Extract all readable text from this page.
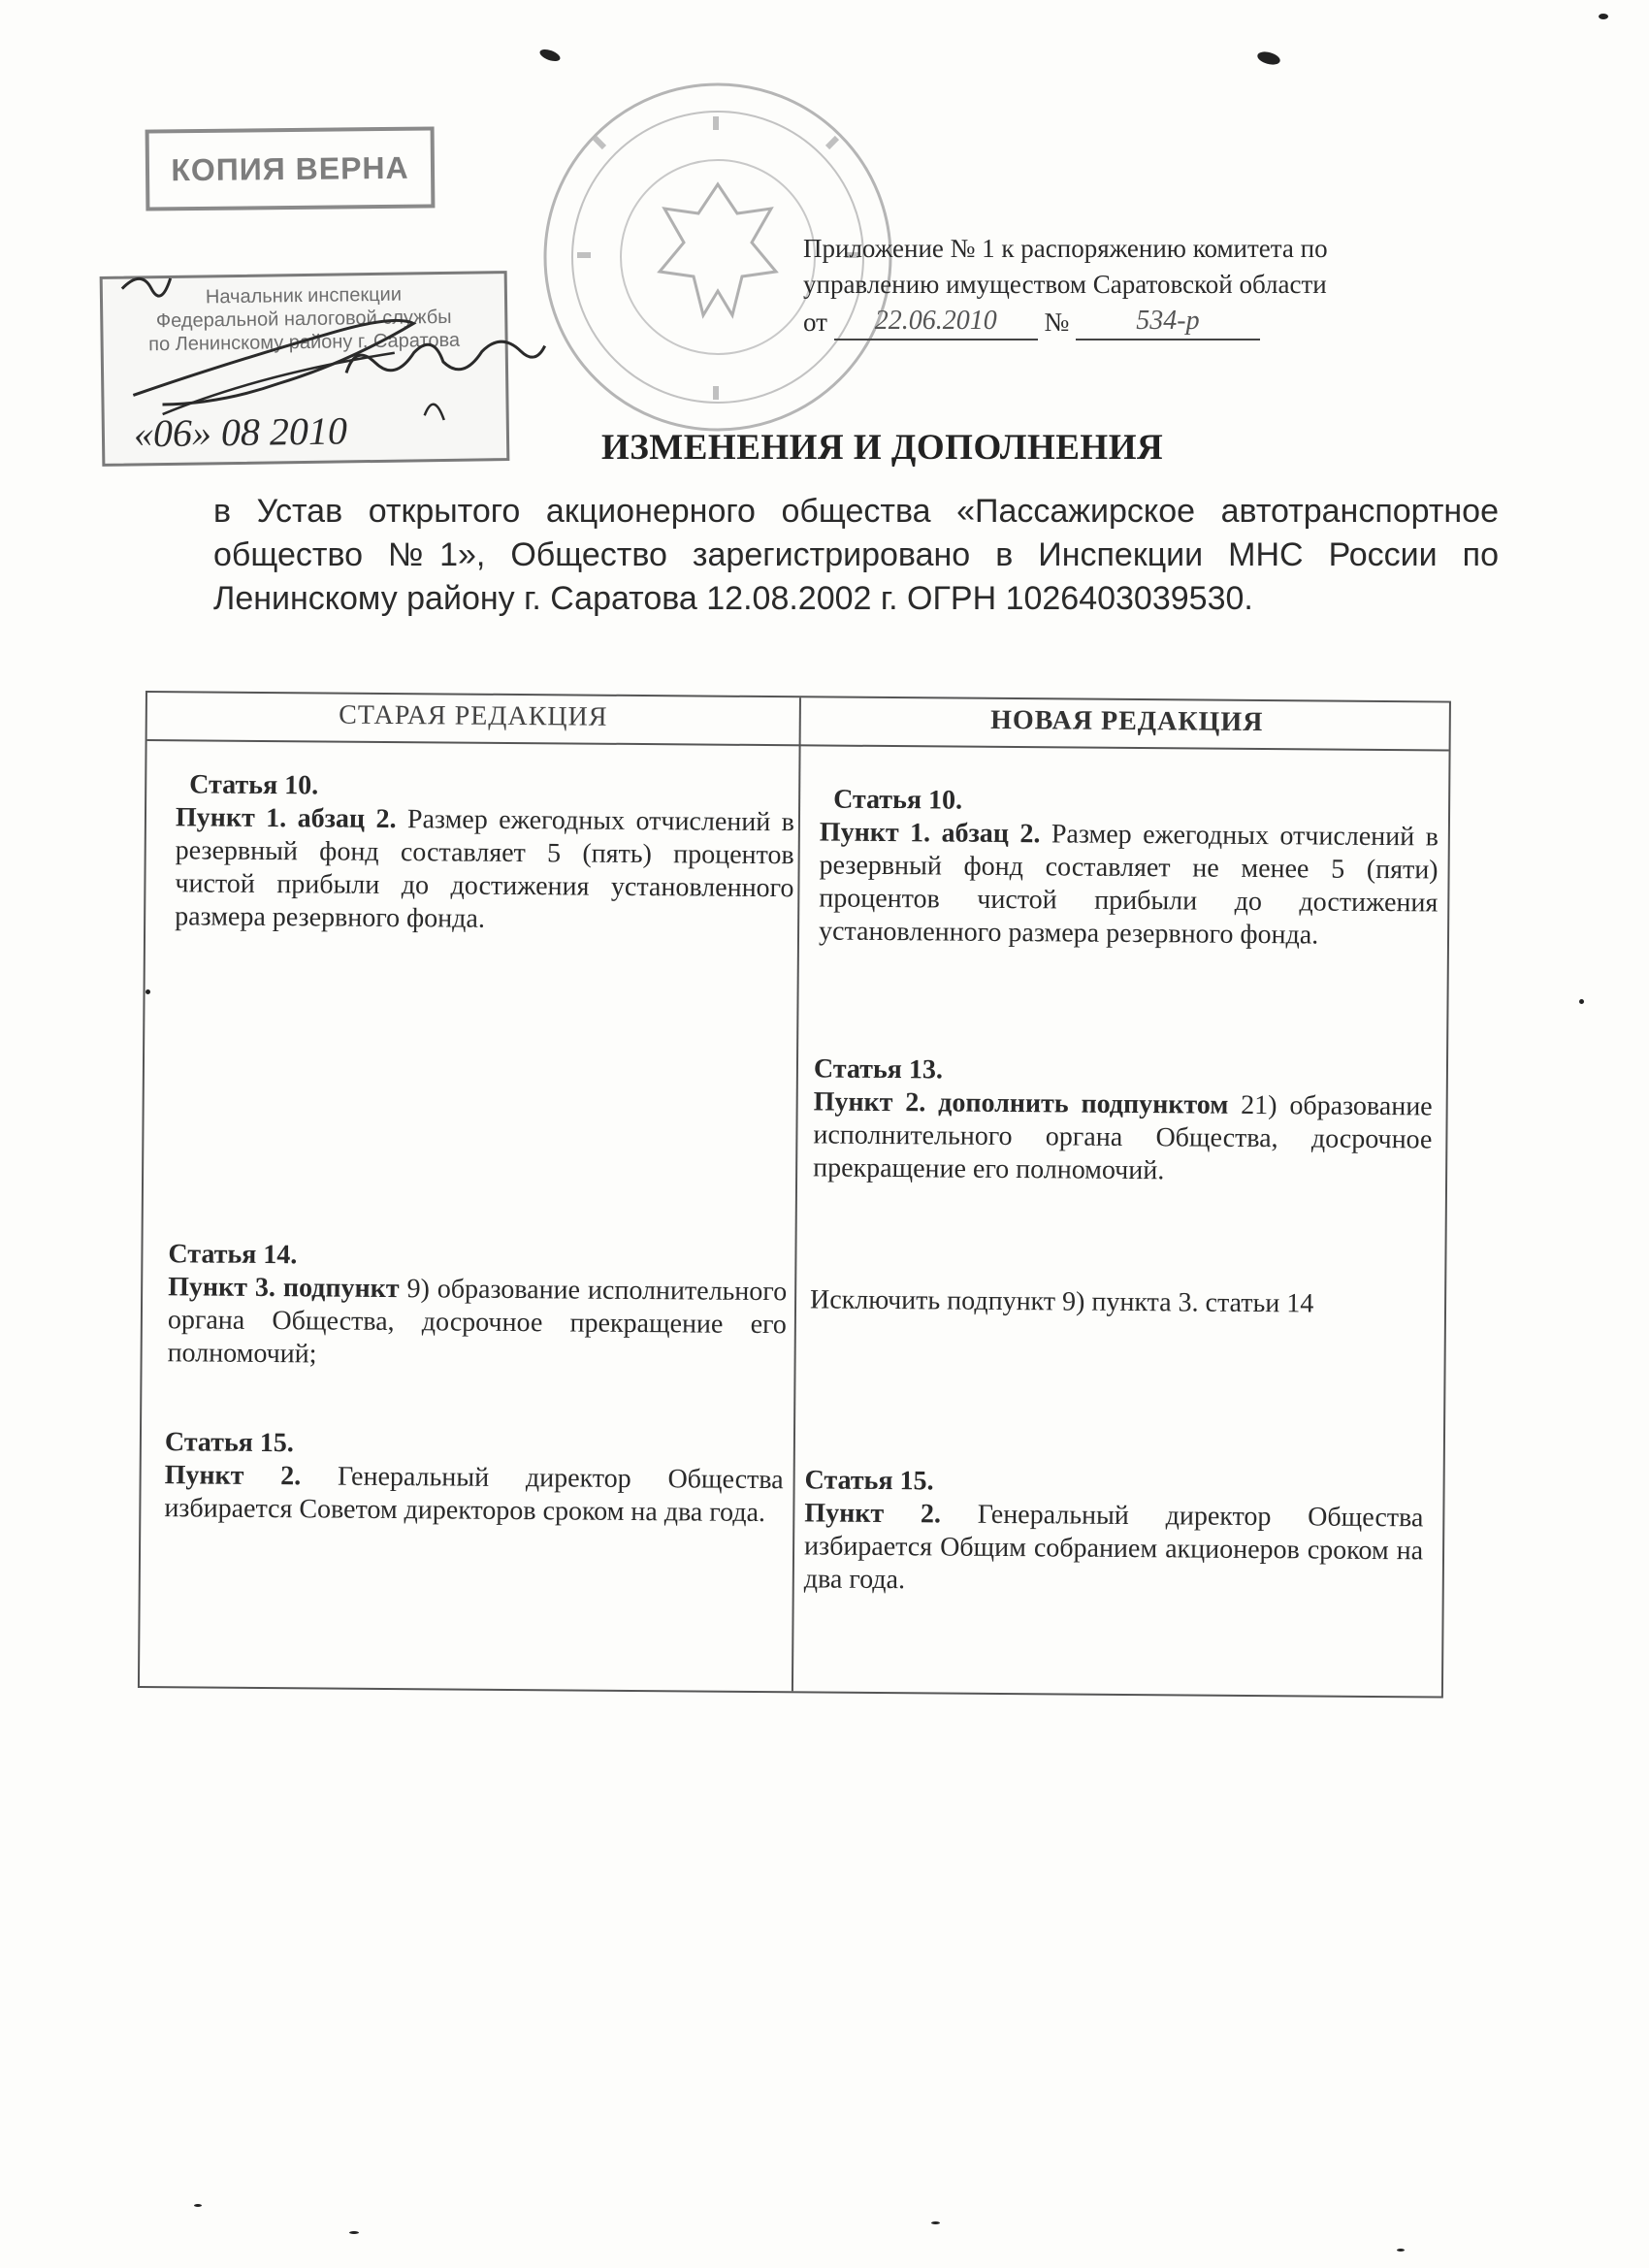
КОПИЯ ВЕРНА
Начальник инспекции
Федеральной налоговой службы
по Ленинскому району г. Саратова
«06» 08 2010
Приложение № 1 к распоряжению комитета по
управлению имуществом Саратовской области
от 22.06.2010 № 534-р
ИЗМЕНЕНИЯ И ДОПОЛНЕНИЯ
в Устав открытого акционерного общества «Пассажирское автотранспортное общество №1», Общество зарегистрировано в Инспекции МНС России по Ленинскому району г. Саратова 12.08.2002 г. ОГРН 1026403039530.
СТАРАЯ РЕДАКЦИЯ	НОВАЯ РЕДАКЦИЯ
Статья 10.
Пункт 1. абзац 2. Размер ежегодных отчислений в резервный фонд составляет 5 (пять) процентов чистой прибыли до достижения установленного размера резервного фонда.
Статья 14.
Пункт 3. подпункт 9) образование исполнительного органа Общества, досрочное прекращение его полномочий;
Статья 15.
Пункт 2. Генеральный директор Общества избирается Советом директоров сроком на два года.
Статья 10.
Пункт 1. абзац 2. Размер ежегодных отчислений в резервный фонд составляет не менее 5 (пяти) процентов чистой прибыли до достижения установленного размера резервного фонда.
Статья 13.
Пункт 2. дополнить подпунктом 21) образование исполнительного органа Общества, досрочное прекращение его полномочий.
Исключить подпункт 9) пункта 3. статьи 14
Статья 15.
Пункт 2. Генеральный директор Общества избирается Общим собранием акционеров сроком на два года.
